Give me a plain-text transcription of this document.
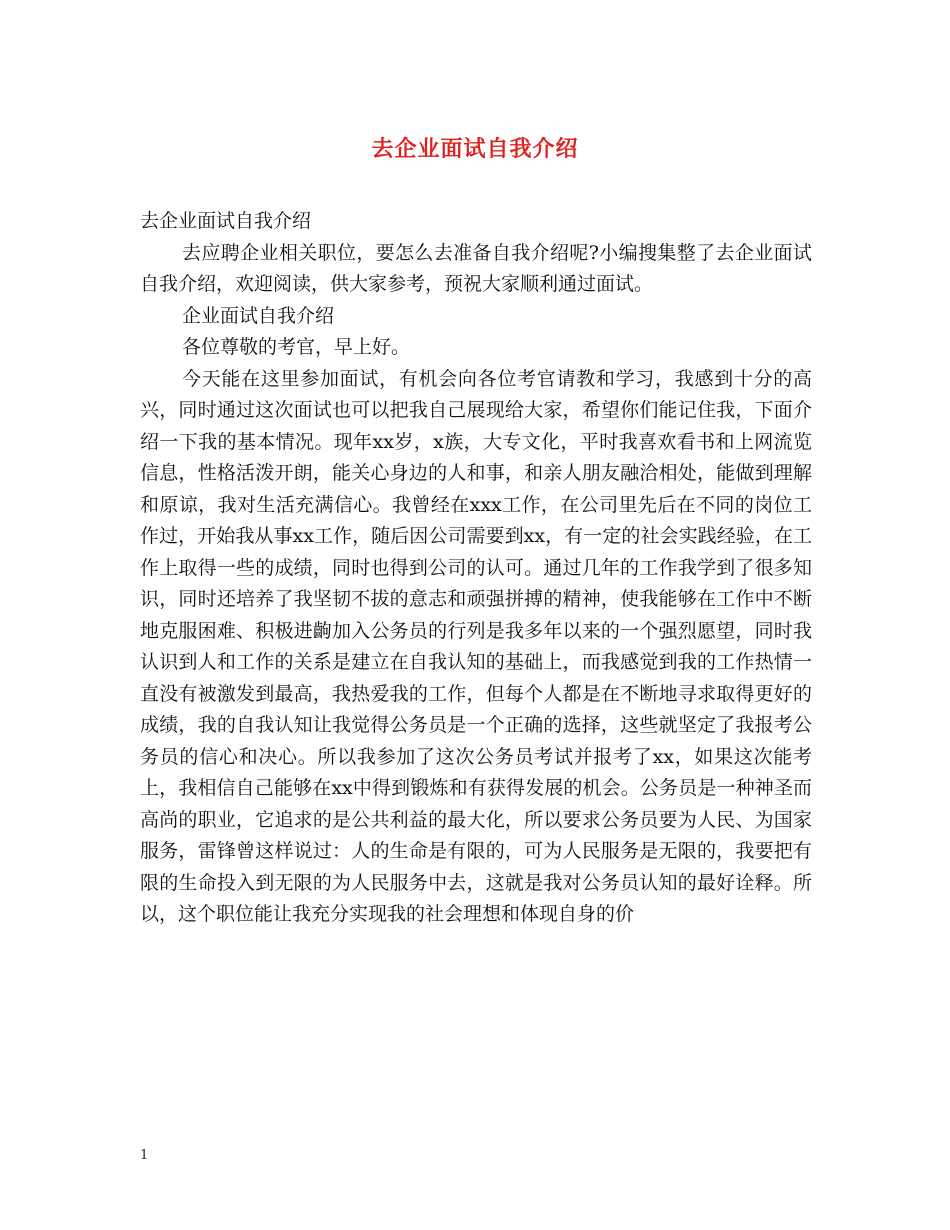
去企业面试自我介绍

去企业面试自我介绍

去应聘企业相关职位，要怎么去准备自我介绍呢?小编搜集整了去企业面试自我介绍，欢迎阅读，供大家参考，预祝大家顺利通过面试。

企业面试自我介绍

各位尊敬的考官，早上好。

今天能在这里参加面试，有机会向各位考官请教和学习，我感到十分的高兴，同时通过这次面试也可以把我自己展现给大家，希望你们能记住我，下面介绍一下我的基本情况。现年xx岁，x族，大专文化，平时我喜欢看书和上网流览信息，性格活泼开朗，能关心身边的人和事，和亲人朋友融洽相处，能做到理解和原谅，我对生活充满信心。我曾经在xxx工作，在公司里先后在不同的岗位工作过，开始我从事xx工作，随后因公司需要到xx，有一定的社会实践经验，在工作上取得一些的成绩，同时也得到公司的认可。通过几年的工作我学到了很多知识，同时还培养了我坚韧不拔的意志和顽强拼搏的精神，使我能够在工作中不断地克服困难、积极进齣加入公务员的行列是我多年以来的一个强烈愿望，同时我认识到人和工作的关系是建立在自我认知的基础上，而我感觉到我的工作热情一直没有被激发到最高，我热爱我的工作，但每个人都是在不断地寻求取得更好的成绩，我的自我认知让我觉得公务员是一个正确的选择，这些就坚定了我报考公务员的信心和决心。所以我参加了这次公务员考试并报考了xx，如果这次能考上，我相信自己能够在xx中得到锻炼和有获得发展的机会。公务员是一种神圣而高尚的职业，它追求的是公共利益的最大化，所以要求公务员要为人民、为国家服务，雷锋曾这样说过：人的生命是有限的，可为人民服务是无限的，我要把有限的生命投入到无限的为人民服务中去，这就是我对公务员认知的最好诠释。所以，这个职位能让我充分实现我的社会理想和体现自身的价

1
